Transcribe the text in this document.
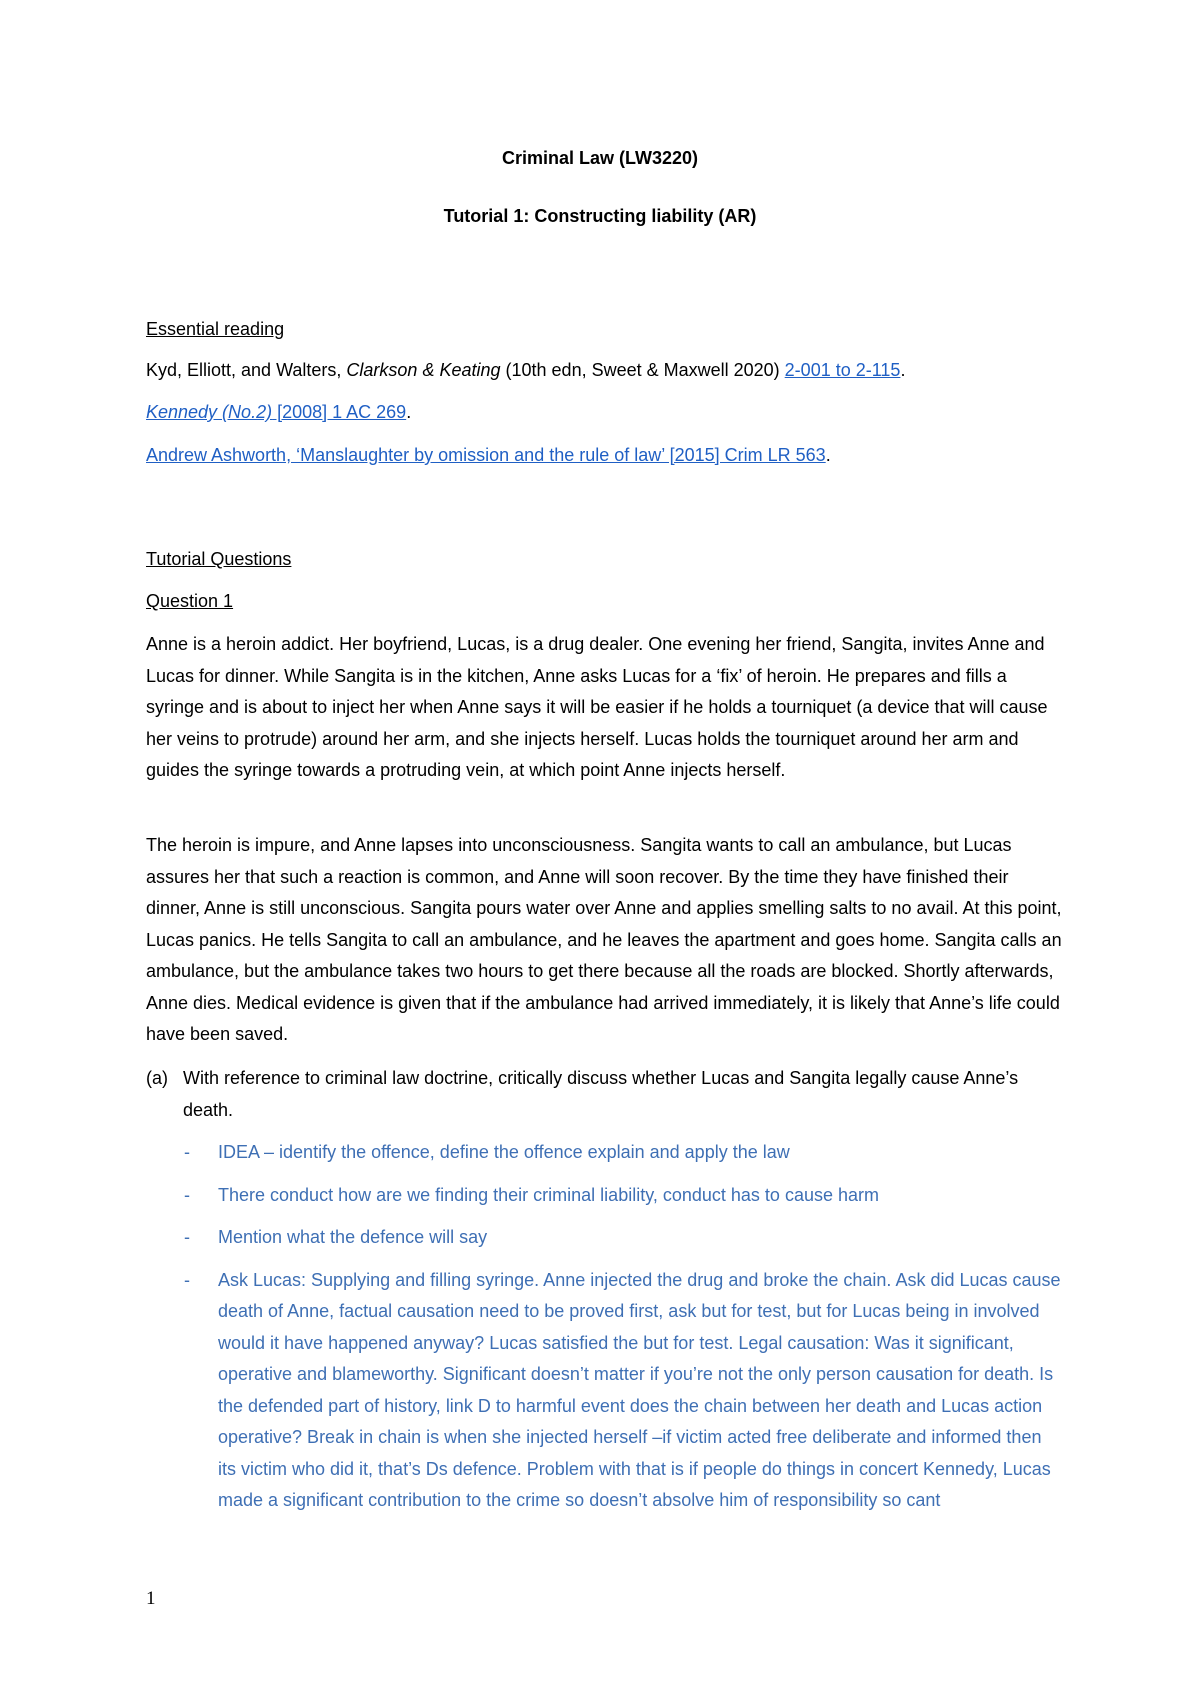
Criminal Law (LW3220)
Tutorial 1: Constructing liability (AR)
Essential reading
Kyd, Elliott, and Walters, Clarkson & Keating (10th edn, Sweet & Maxwell 2020) 2-001 to 2-115.
Kennedy (No.2) [2008] 1 AC 269.
Andrew Ashworth, ‘Manslaughter by omission and the rule of law’ [2015] Crim LR 563.
Tutorial Questions
Question 1
Anne is a heroin addict. Her boyfriend, Lucas, is a drug dealer. One evening her friend, Sangita, invites Anne and Lucas for dinner. While Sangita is in the kitchen, Anne asks Lucas for a ‘fix’ of heroin. He prepares and fills a syringe and is about to inject her when Anne says it will be easier if he holds a tourniquet (a device that will cause her veins to protrude) around her arm, and she injects herself. Lucas holds the tourniquet around her arm and guides the syringe towards a protruding vein, at which point Anne injects herself.
The heroin is impure, and Anne lapses into unconsciousness. Sangita wants to call an ambulance, but Lucas assures her that such a reaction is common, and Anne will soon recover. By the time they have finished their dinner, Anne is still unconscious. Sangita pours water over Anne and applies smelling salts to no avail. At this point, Lucas panics. He tells Sangita to call an ambulance, and he leaves the apartment and goes home. Sangita calls an ambulance, but the ambulance takes two hours to get there because all the roads are blocked. Shortly afterwards, Anne dies. Medical evidence is given that if the ambulance had arrived immediately, it is likely that Anne’s life could have been saved.
(a) With reference to criminal law doctrine, critically discuss whether Lucas and Sangita legally cause Anne’s death.
- IDEA – identify the offence, define the offence explain and apply the law
- There conduct how are we finding their criminal liability, conduct has to cause harm
- Mention what the defence will say
- Ask Lucas: Supplying and filling syringe. Anne injected the drug and broke the chain. Ask did Lucas cause death of Anne, factual causation need to be proved first, ask but for test, but for Lucas being in involved would it have happened anyway? Lucas satisfied the but for test. Legal causation: Was it significant, operative and blameworthy. Significant doesn’t matter if you’re not the only person causation for death. Is the defended part of history, link D to harmful event does the chain between her death and Lucas action operative? Break in chain is when she injected herself –if victim acted free deliberate and informed then its victim who did it, that’s Ds defence. Problem with that is if people do things in concert Kennedy, Lucas made a significant contribution to the crime so doesn’t absolve him of responsibility so cant
1
